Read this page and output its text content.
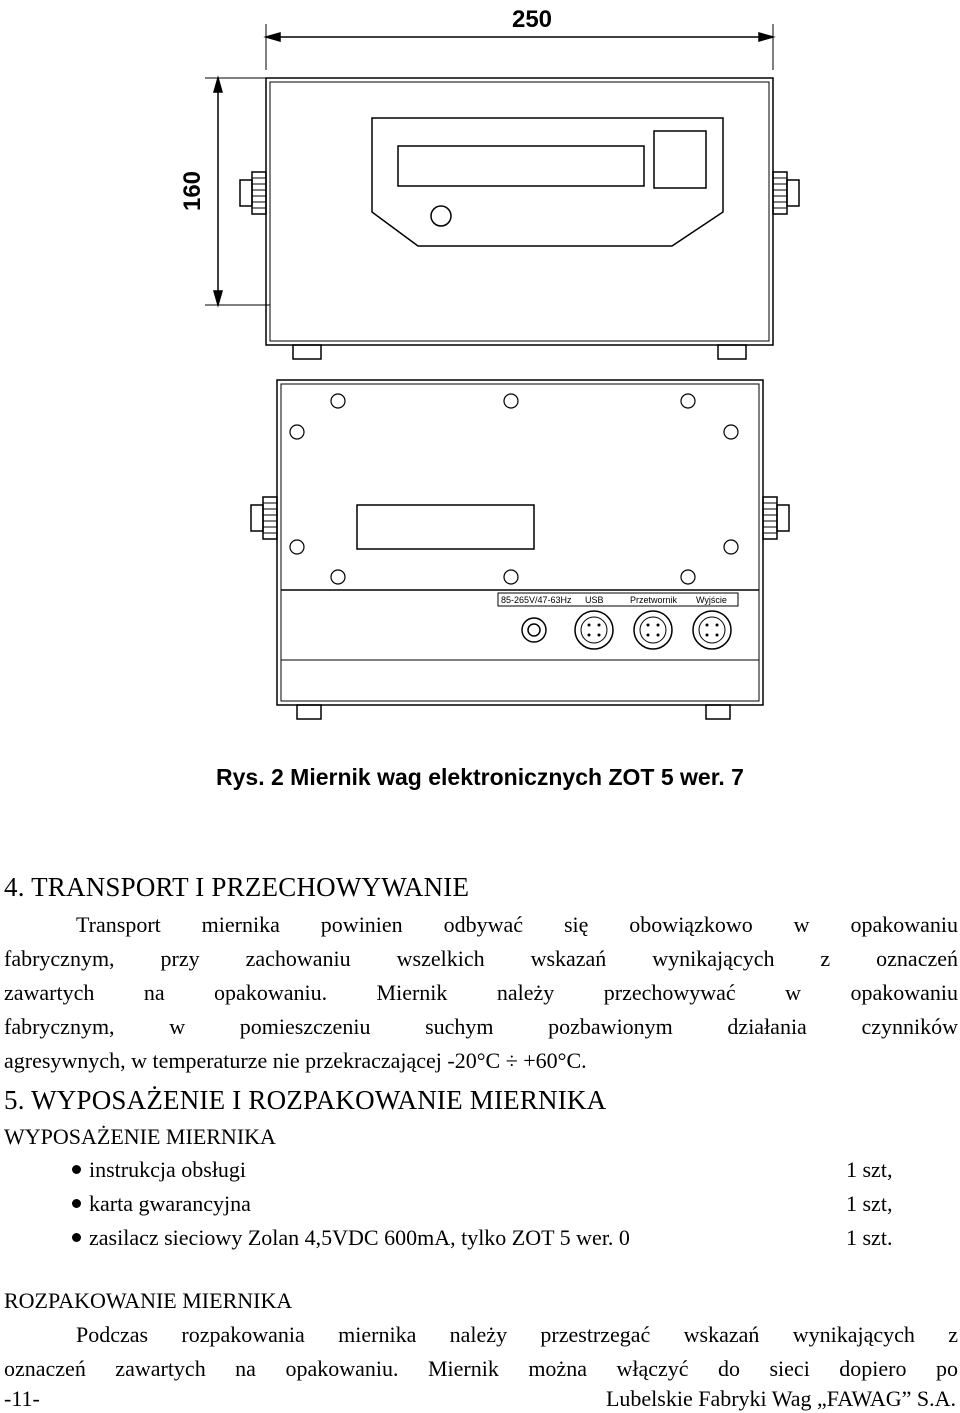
250
160
85-265V/47-63Hz USB	Przetwornik Wyjście
Rys. 2 Miernik wag elektronicznych ZOT 5 wer. 7
4. TRANSPORT I PRZECHOWYWANIE
Transport miernika powinien odbywać się obowiązkowo w opakowaniu
fabrycznym, przy zachowaniu wszelkich wskazań wynikających z oznaczeń
zawartych na opakowaniu. Miernik należy przechowywać w opakowaniu
fabrycznym, w pomieszczeniu suchym pozbawionym działania czynników
agresywnych, w temperaturze nie przekraczającej -20°C ÷ +60°C.
5. WYPOSAŻENIE I ROZPAKOWANIE MIERNIKA
WYPOSAŻENIE MIERNIKA
instrukcja obsługi	1 szt,
karta gwarancyjna	1 szt,
zasilacz sieciowy Zolan 4,5VDC 600mA, tylko ZOT 5 wer. 0	1 szt.
ROZPAKOWANIE MIERNIKA
Podczas rozpakowania miernika należy przestrzegać wskazań wynikających z
oznaczeń zawartych na opakowaniu. Miernik można włączyć do sieci dopiero po
-11-	Lubelskie Fabryki Wag „FAWAG” S.A.
